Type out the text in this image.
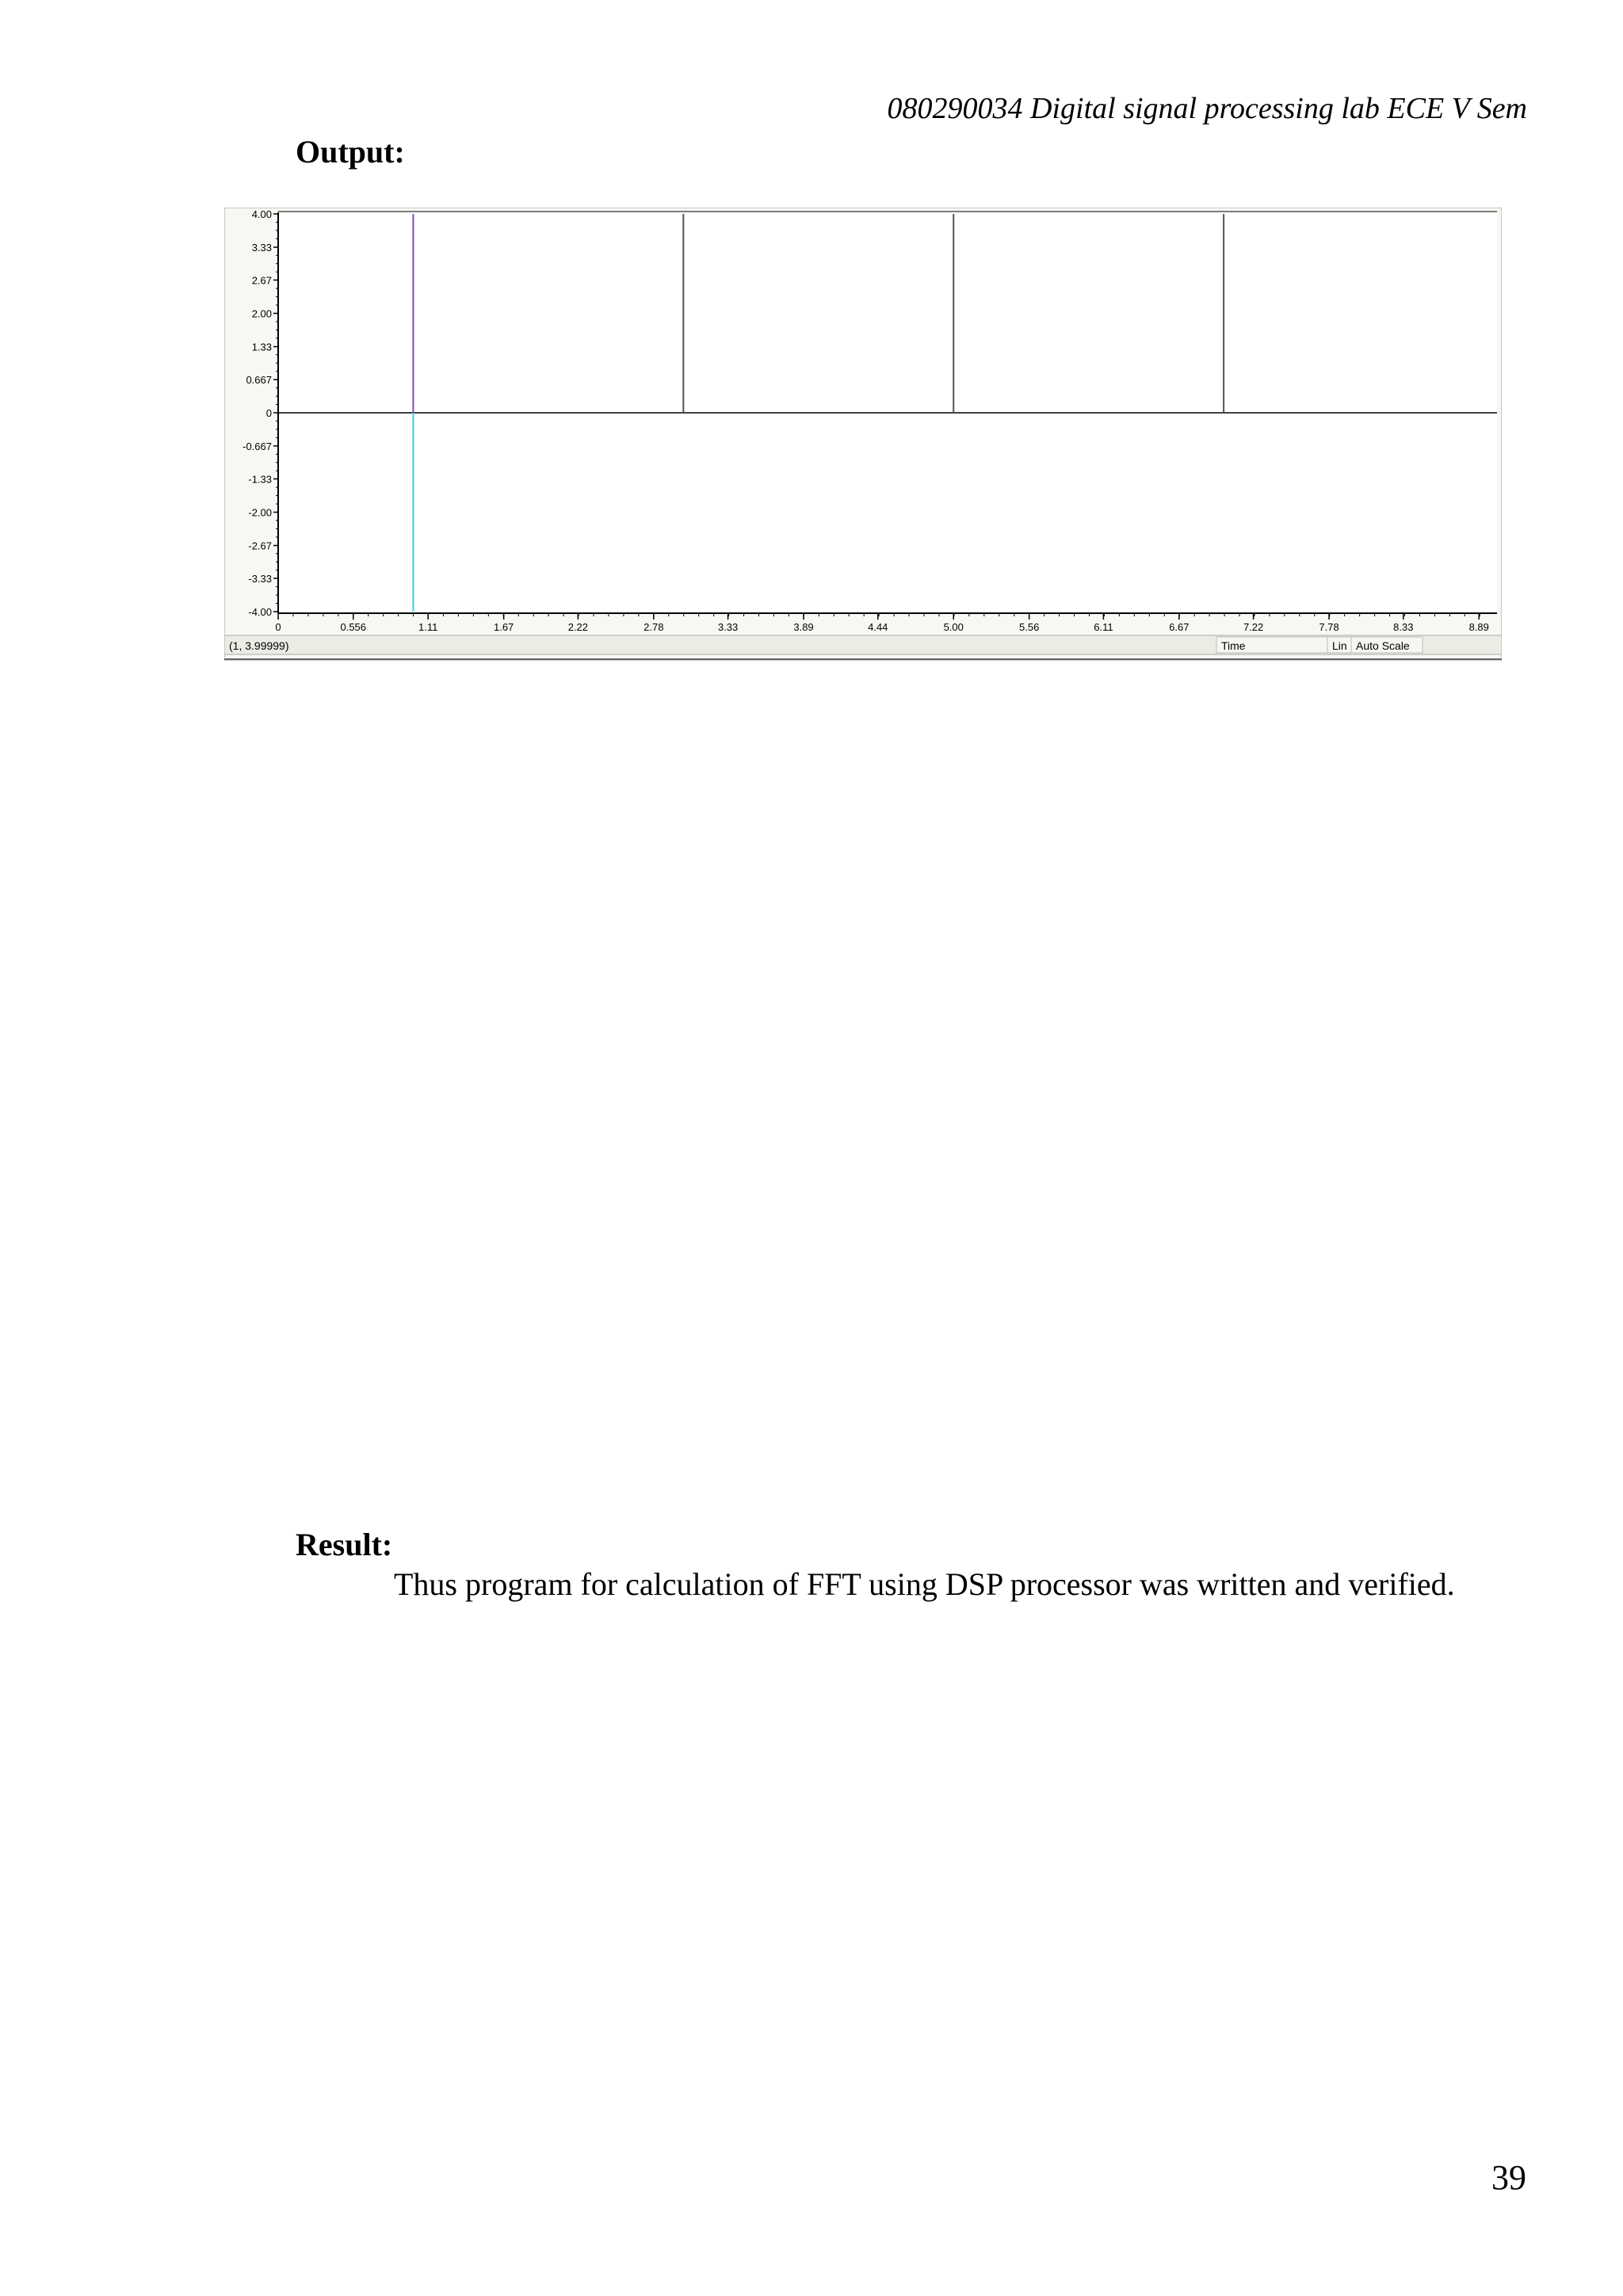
080290034 Digital signal processing lab ECE V Sem
Output:
4.00
3.33
2.67
2.00
1.33
0.667
0
-0.667
-1.33
-2.00
-2.67
-3.33
-4.00
0	0.556	1.11	1.67	2.22	2.78	3.33	3.89	4.44	5.00	5.56	6.11	6.67	7.22	7.78	8.33	8.89
(1, 3.99999)	Time	Lin Auto Scale
Result:
Thus program for calculation of FFT using DSP processor was written and verified.
39
